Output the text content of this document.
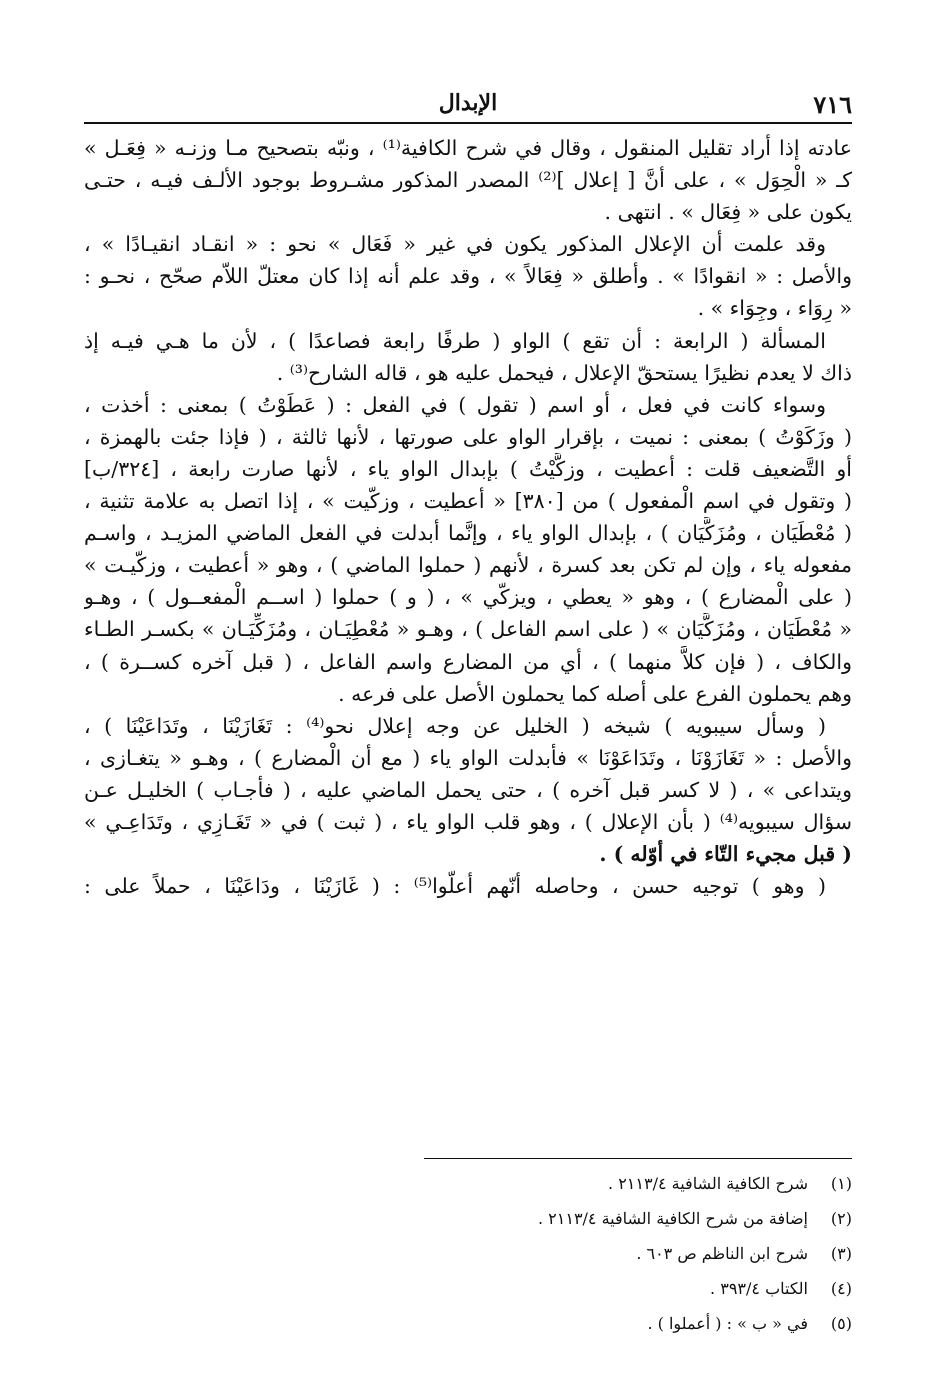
٧١٦
الإبدال
عادته إذا أراد تقليل المنقول ، وقال في شرح الكافية⁽¹⁾ ، ونبّه بتصحيح مـا وزنـه « فِعَـل »
كـ « الْحِوَل » ، على أنَّ [ إعلال ]⁽²⁾ المصدر المذكور مشـروط بوجود الألـف فيـه ، حتـى
يكون على « فِعَال » . انتهى .
وقد علمت أن الإعلال المذكور يكون في غير « فَعَال » نحو : « انقـاد انقيـادًا » ،
والأصل : « انقوادًا » . وأطلق « فِعَالاً » ، وقد علم أنه إذا كان معتلّ اللاّم صحّح ، نحـو :
« رِوَاء ، وجِوَاء » .
المسألة ( الرابعة : أن تقع ) الواو ( طرفًا رابعة فصاعدًا ) ، لأن ما هـي فيـه إذ
ذاك لا يعدم نظيرًا يستحقّ الإعلال ، فيحمل عليه هو ، قاله الشارح⁽³⁾ .
وسواء كانت في فعل ، أو اسم ( تقول ) في الفعل : ( عَطَوْتُ ) بمعنى : أخذت ،
( وزَكَوْتُ ) بمعنى : نميت ، بإقرار الواو على صورتها ، لأنها ثالثة ، ( فإذا جئت بالهمزة ،
أو التَّضعيف قلت : أعطيت ، وزكَّيْتُ ) بإبدال الواو ياء ، لأنها صارت رابعة ، [٣٢٤/ب]
( وتقول في اسم الْمفعول ) من [٣٨٠] « أعطيت ، وزكّيت » ، إذا اتصل به علامة تثنية ،
( مُعْطَيَان ، ومُزَكَّيَان ) ، بإبدال الواو ياء ، وإنَّما أبدلت في الفعل الماضي المزيـد ، واسـم
مفعوله ياء ، وإن لم تكن بعد كسرة ، لأنهم ( حملوا الماضي ) ، وهو « أعطيت ، وزكّيـت »
( على الْمضارع ) ، وهو « يعطي ، ويزكّي » ، ( و ) حملوا ( اســم الْمفعــول ) ، وهـو
« مُعْطَيَان ، ومُزَكَّيَان » ( على اسم الفاعل ) ، وهـو « مُعْطِيَـان ، ومُزَكِّيَـان » بكسـر الطـاء
والكاف ، ( فإن كلاًّ منهما ) ، أي من المضارع واسم الفاعل ، ( قبل آخره كســرة ) ،
وهم يحملون الفرع على أصله كما يحملون الأصل على فرعه .
( وسأل سيبويه ) شيخه ( الخليل عن وجه إعلال نحو⁽⁴⁾ : تَغَازَيْنَا ، وتَدَاعَيْنَا ) ،
والأصل : « تَغَازَوْنَا ، وتَدَاعَوْنَا » فأبدلت الواو ياء ( مع أن الْمضارع ) ، وهـو « يتغـازى ،
ويتداعى » ، ( لا كسر قبل آخره ) ، حتى يحمل الماضي عليه ، ( فأجـاب ) الخليـل عـن
سؤال سيبويه⁽⁴⁾ ( بأن الإعلال ) ، وهو قلب الواو ياء ، ( ثبت ) في « تَغَـازِي ، وتَدَاعِـي »
( قبل مجيء التّاء في أوّله ) .
( وهو ) توجيه حسن ، وحاصله أنّهم أعلّوا⁽⁵⁾ : ( غَازَيْنَا ، ودَاعَيْنَا ، حملاً على :
(١)
شرح الكافية الشافية ٢١١٣/٤ .
(٢)
إضافة من شرح الكافية الشافية ٢١١٣/٤ .
(٣)
شرح ابن الناظم ص ٦٠٣ .
(٤)
الكتاب ٣٩٣/٤ .
(٥)
في « ب » : ( أعملوا ) .
